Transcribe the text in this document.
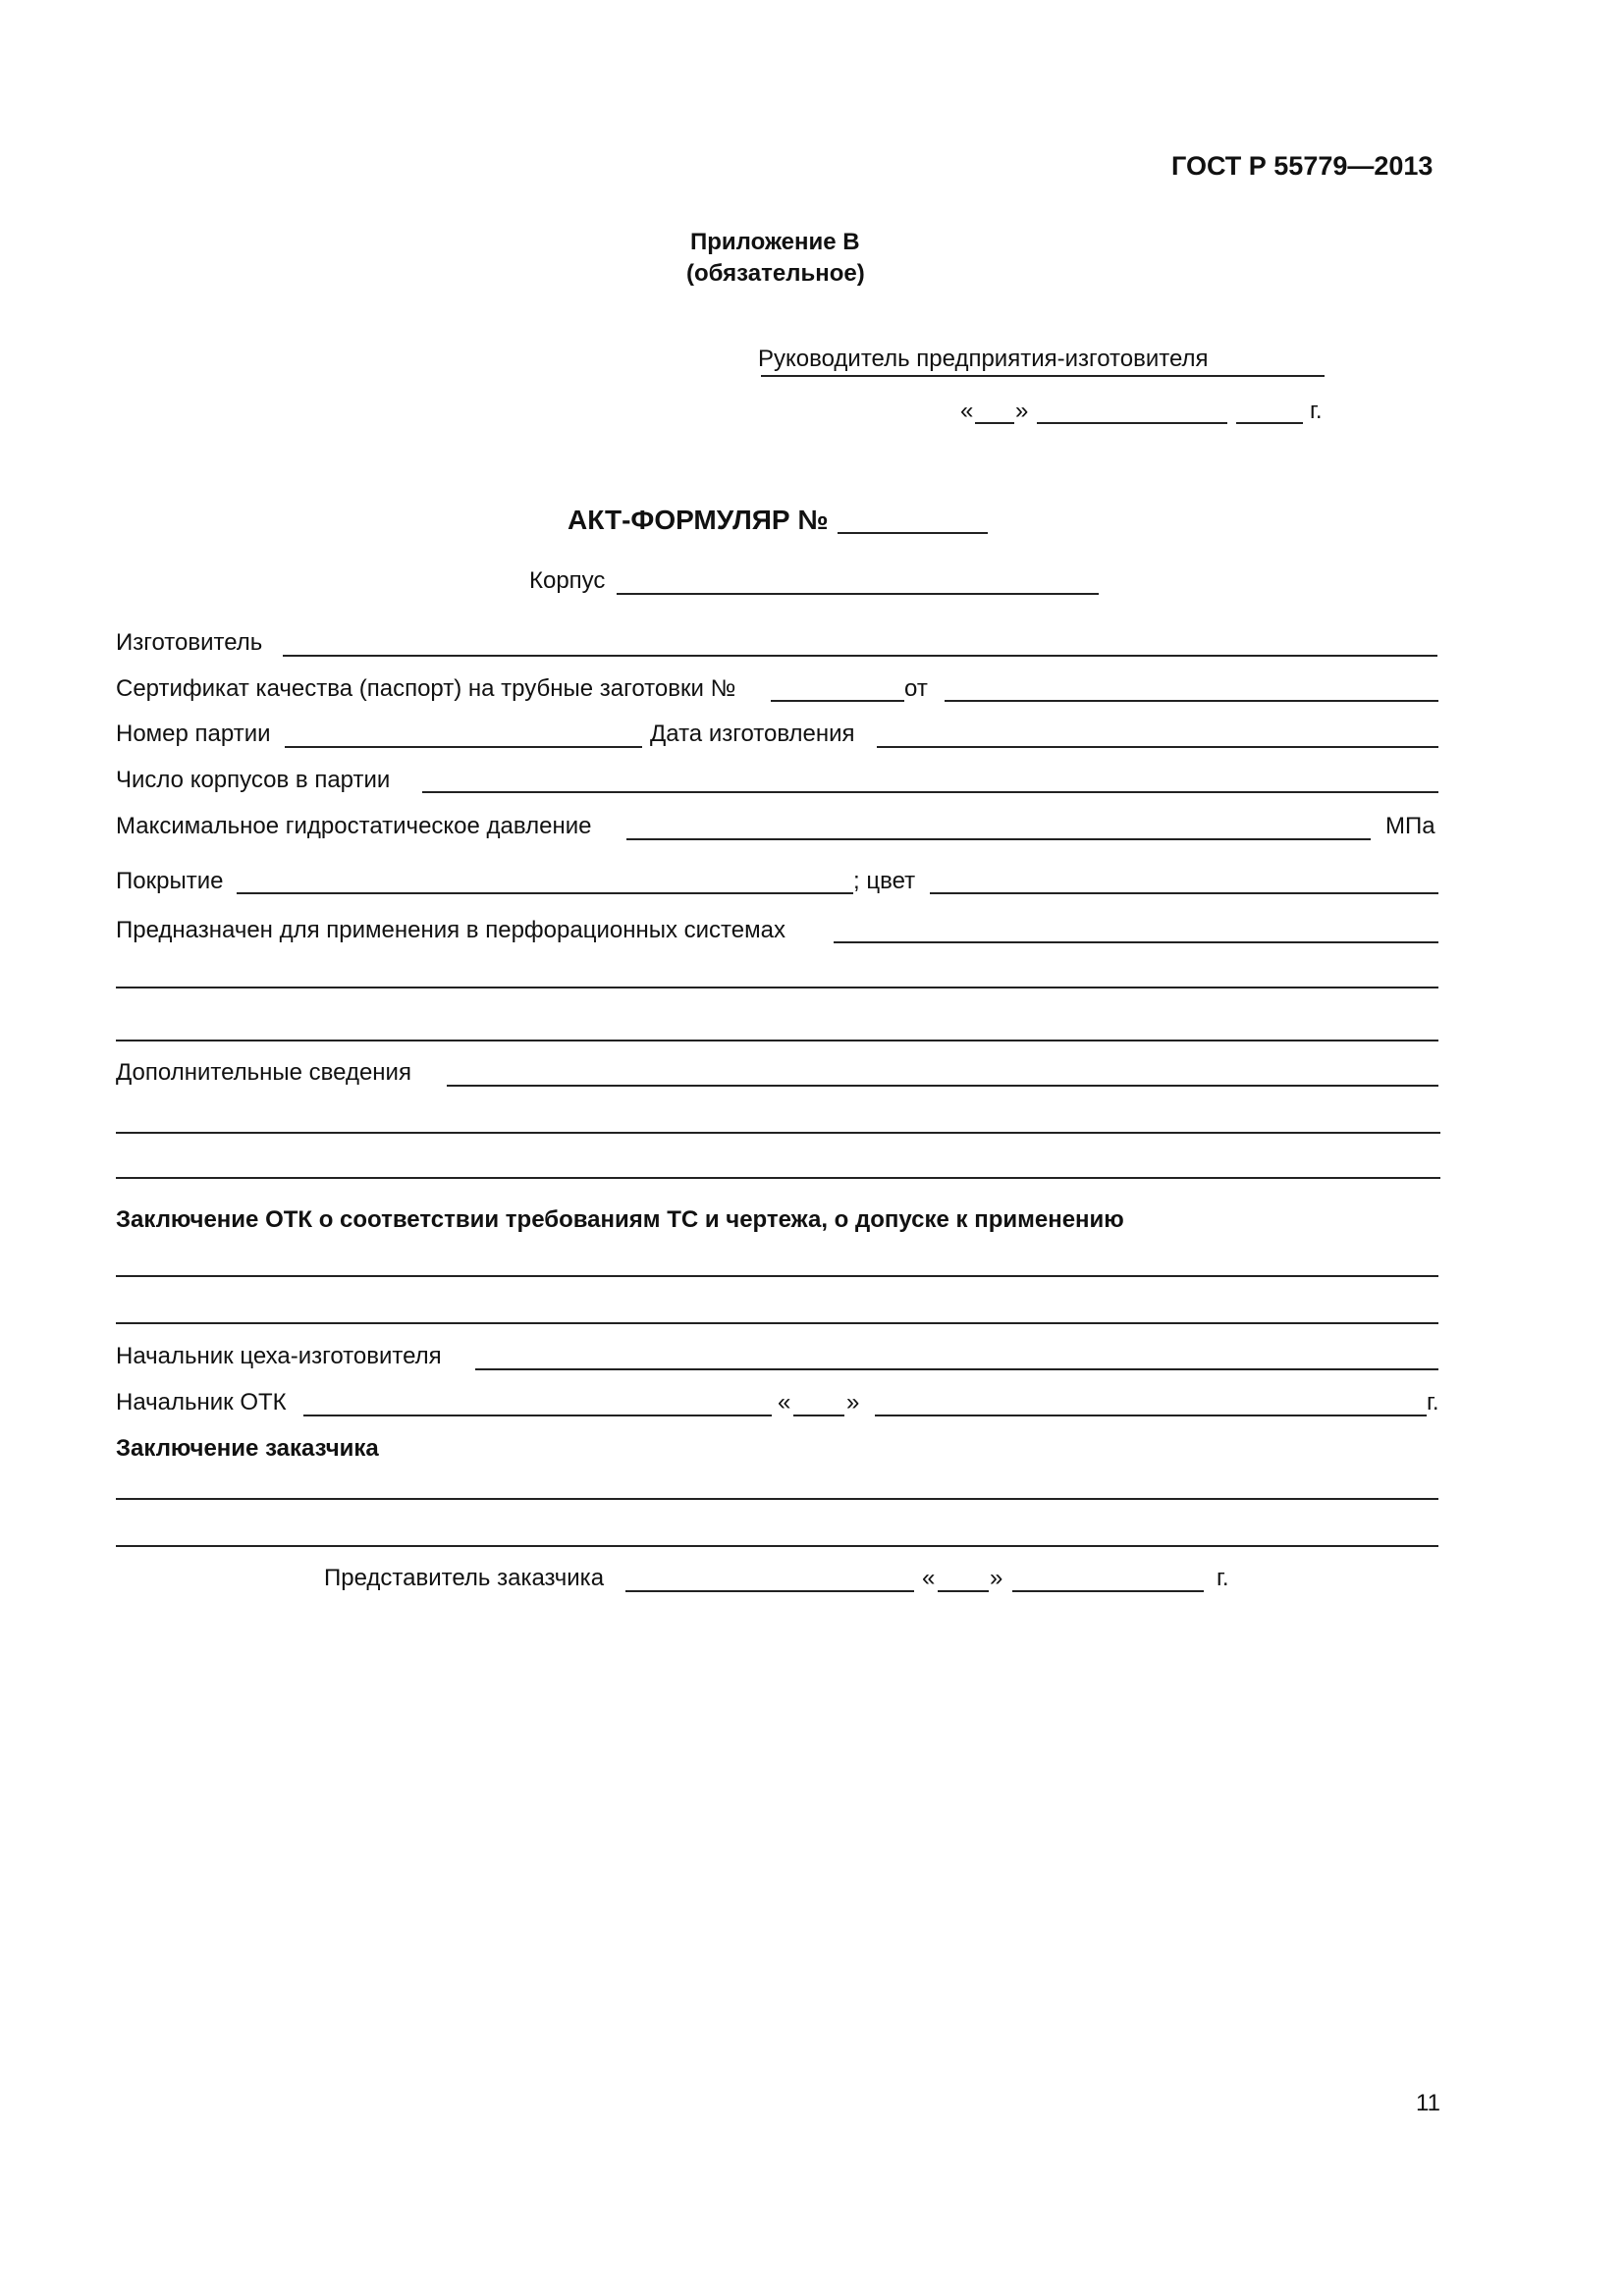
ГОСТ Р 55779—2013
Приложение В
(обязательное)
Руководитель предприятия-изготовителя
« »	г.
АКТ-ФОРМУЛЯР №
Корпус
Изготовитель
Сертификат качества (паспорт) на трубные заготовки №	от
Номер партии	Дата изготовления
Число корпусов в партии
Максимальное гидростатическое давление	МПа
Покрытие	; цвет
Предназначен для применения в перфорационных системах
Дополнительные сведения
Заключение ОТК о соответствии требованиям ТС и чертежа, о допуске к применению
Начальник цеха-изготовителя
Начальник ОТК	« »	г.
Заключение заказчика
Представитель заказчика	« »	г.
11
